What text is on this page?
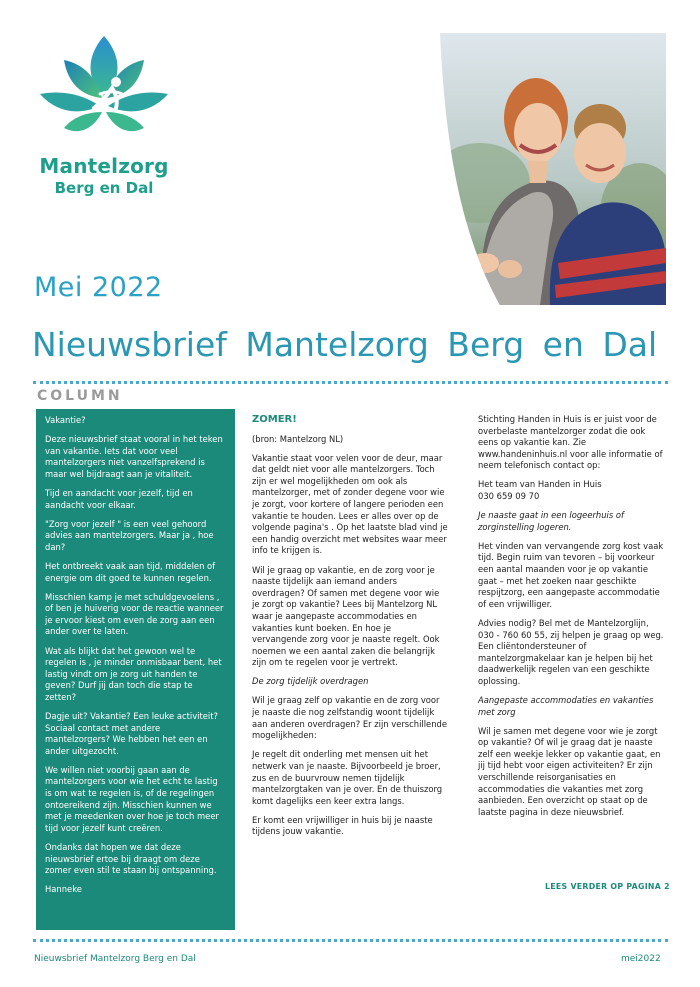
Mantelzorg
Berg en Dal
Mei 2022
Nieuwsbrief Mantelzorg Berg en Dal
COLUMN

Vakantie?

Deze nieuwsbrief staat vooral in het teken van vakantie. Iets dat voor veel mantelzorgers niet vanzelfsprekend is maar wel bijdraagt aan je vitaliteit.

Tijd en aandacht voor jezelf, tijd en aandacht voor elkaar.

"Zorg voor jezelf " is een veel gehoord advies aan mantelzorgers. Maar ja , hoe dan?

Het ontbreekt vaak aan tijd, middelen of energie om dit goed te kunnen regelen.

Misschien kamp je met schuldgevoelens , of ben je huiverig voor de reactie wanneer je ervoor kiest om even de zorg aan een ander over te laten.

Wat als blijkt dat het gewoon wel te regelen is , je minder onmisbaar bent, het lastig vindt om je zorg uit handen te geven? Durf jij dan toch die stap te zetten?

Dagje uit? Vakantie? Een leuke activiteit? Sociaal contact met andere mantelzorgers? We hebben het een en ander uitgezocht.

We willen niet voorbij gaan aan de mantelzorgers voor wie het echt te lastig is om wat te regelen is, of de regelingen ontoereikend zijn. Misschien kunnen we met je meedenken over hoe je toch meer tijd voor jezelf kunt creëren.

Ondanks dat hopen we dat deze nieuwsbrief ertoe bij draagt om deze zomer even stil te staan bij ontspanning.

Hanneke

ZOMER!

(bron: Mantelzorg NL)

Vakantie staat voor velen voor de deur, maar dat geldt niet voor alle mantelzorgers. Toch zijn er wel mogelijkheden om ook als mantelzorger, met of zonder degene voor wie je zorgt, voor kortere of langere perioden een vakantie te houden. Lees er alles over op de volgende pagina's . Op het laatste blad vind je een handig overzicht met websites waar meer info te krijgen is.

Wil je graag op vakantie, en de zorg voor je naaste tijdelijk aan iemand anders overdragen? Of samen met degene voor wie je zorgt op vakantie? Lees bij Mantelzorg NL waar je aangepaste accommodaties en vakanties kunt boeken. En hoe je vervangende zorg voor je naaste regelt. Ook noemen we een aantal zaken die belangrijk zijn om te regelen voor je vertrekt.

De zorg tijdelijk overdragen

Wil je graag zelf op vakantie en de zorg voor je naaste die nog zelfstandig woont tijdelijk aan anderen overdragen? Er zijn verschillende mogelijkheden:

Je regelt dit onderling met mensen uit het netwerk van je naaste. Bijvoorbeeld je broer, zus en de buurvrouw nemen tijdelijk mantelzorgtaken van je over. En de thuiszorg komt dagelijks een keer extra langs.

Er komt een vrijwilliger in huis bij je naaste tijdens jouw vakantie.

Stichting Handen in Huis is er juist voor de overbelaste mantelzorger zodat die ook eens op vakantie kan. Zie www.handeninhuis.nl voor alle informatie of neem telefonisch contact op:

Het team van Handen in Huis

030 659 09 70

Je naaste gaat in een logeerhuis of zorginstelling logeren.

Het vinden van vervangende zorg kost vaak tijd. Begin ruim van tevoren – bij voorkeur een aantal maanden voor je op vakantie gaat – met het zoeken naar geschikte respijtzorg, een aangepaste accommodatie of een vrijwilliger.

Advies nodig? Bel met de Mantelzorglijn, 030 - 760 60 55, zij helpen je graag op weg. Een cliëntondersteuner of mantelzorgmakelaar kan je helpen bij het daadwerkelijk regelen van een geschikte oplossing.

Aangepaste accommodaties en vakanties met zorg

Wil je samen met degene voor wie je zorgt op vakantie? Of wil je graag dat je naaste zelf een weekje lekker op vakantie gaat, en jij tijd hebt voor eigen activiteiten? Er zijn verschillende reisorganisaties en accommodaties die vakanties met zorg aanbieden. Een overzicht op staat op de laatste pagina in deze nieuwsbrief.

LEES VERDER OP PAGINA 2
Nieuwsbrief Mantelzorg Berg en Dal	mei2022
